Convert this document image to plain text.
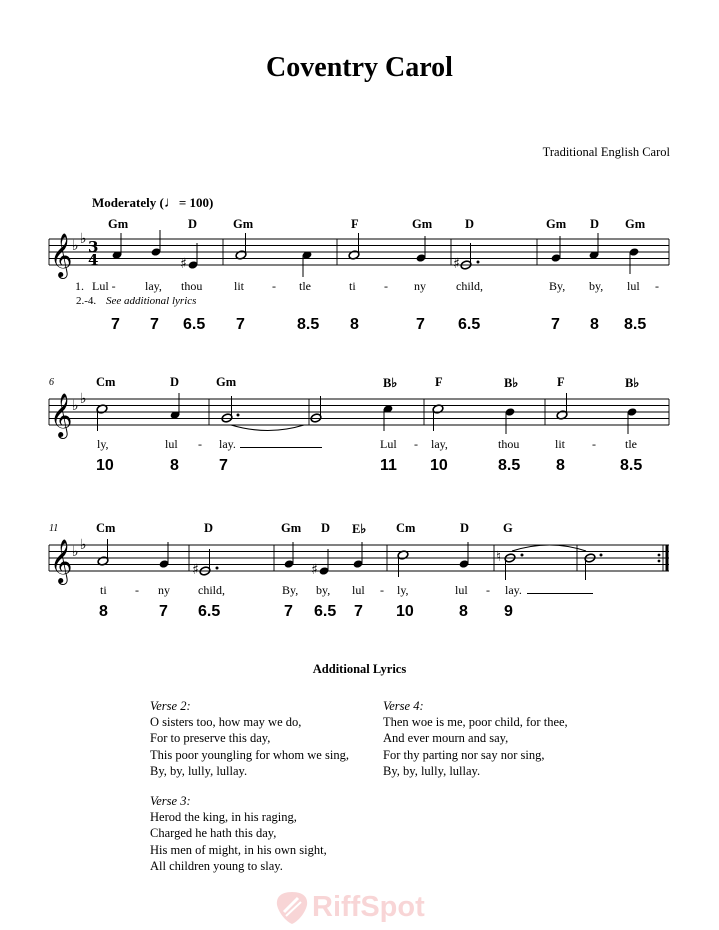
Coventry Carol
Traditional English Carol
Moderately (♩= 100)
𝄞 ♭ ♭ 3
4	♯	♯
Gm	D	Gm	F	Gm	D	Gm D Gm
1. Lul - lay, thou	lit - tle	ti - ny	child,	By, by, lul -
2.-4. See additional lyrics
7 7 6.5 7	8.5 8	7 6.5	7 8 8.5
𝄞 ♭ ♭
6	Cm	D	Gm	B♭	F	B♭	F	B♭
ly,	lul - lay.	Lul - lay,	thou	lit - tle
10	8	7	11 10	8.5 8	8.5
𝄞 ♭ ♭
♯	♯
♮
11	Cm	D	Gm D E♭ Cm	D	G
ti - ny child,	By, by, lul - ly,	lul - lay.
8	7 6.5	7 6.5 7 10	8 9
Additional Lyrics
Verse 2:
O sisters too, how may we do,
For to preserve this day,
This poor youngling for whom we sing,
By, by, lully, lullay.
Verse 3:
Herod the king, in his raging,
Charged he hath this day,
His men of might, in his own sight,
All children young to slay.
Verse 4:
Then woe is me, poor child, for thee,
And ever mourn and say,
For thy parting nor say nor sing,
By, by, lully, lullay.
RiffSpot
